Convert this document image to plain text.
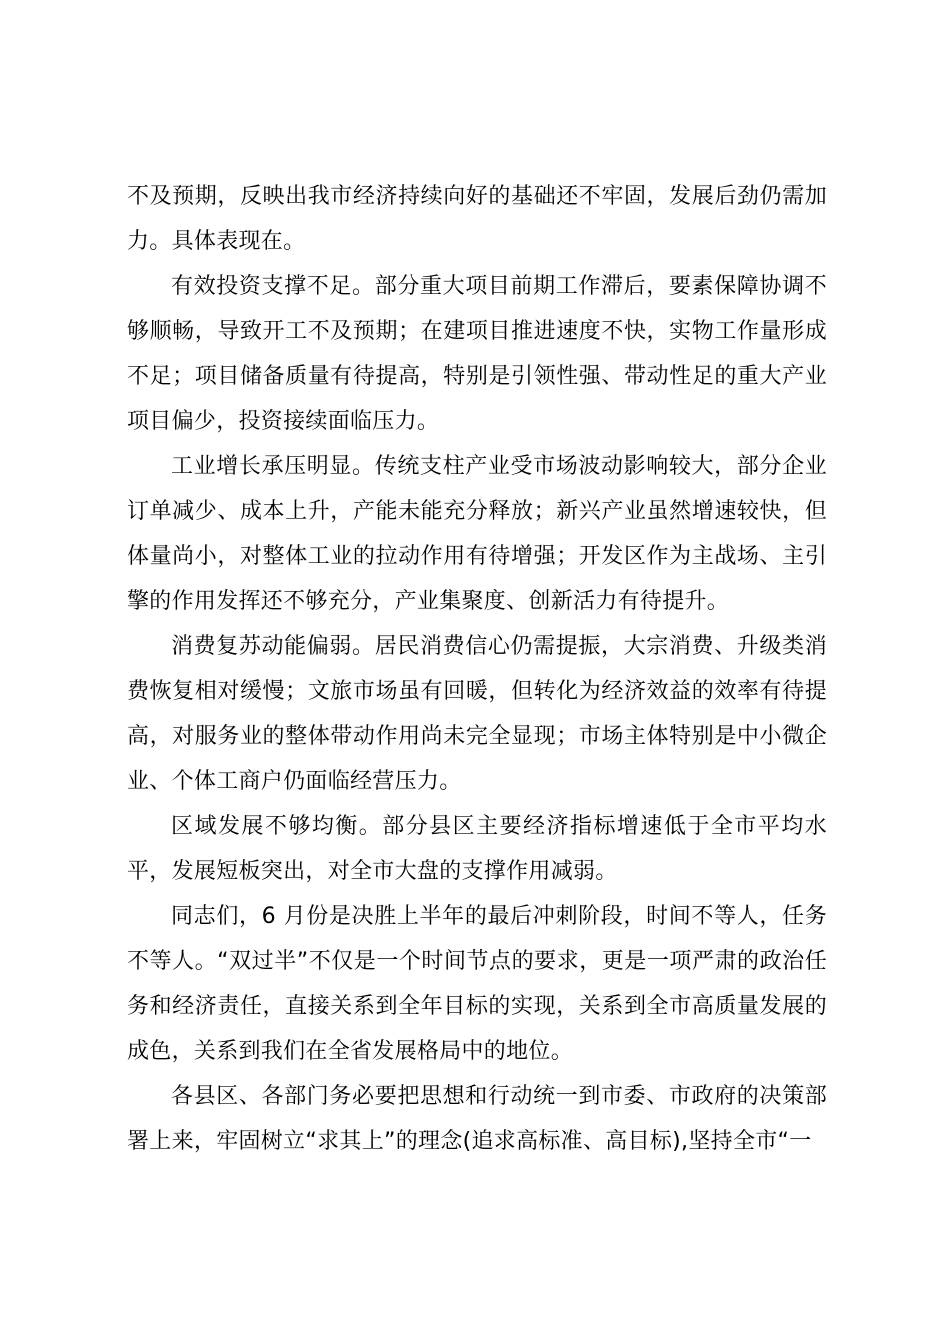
不及预期，反映出我市经济持续向好的基础还不牢固，发展后劲仍需加力。具体表现在。

有效投资支撑不足。部分重大项目前期工作滞后，要素保障协调不够顺畅，导致开工不及预期；在建项目推进速度不快，实物工作量形成不足；项目储备质量有待提高，特别是引领性强、带动性足的重大产业项目偏少，投资接续面临压力。

工业增长承压明显。传统支柱产业受市场波动影响较大，部分企业订单减少、成本上升，产能未能充分释放；新兴产业虽然增速较快，但体量尚小，对整体工业的拉动作用有待增强；开发区作为主战场、主引擎的作用发挥还不够充分，产业集聚度、创新活力有待提升。

消费复苏动能偏弱。居民消费信心仍需提振，大宗消费、升级类消费恢复相对缓慢；文旅市场虽有回暖，但转化为经济效益的效率有待提高，对服务业的整体带动作用尚未完全显现；市场主体特别是中小微企业、个体工商户仍面临经营压力。

区域发展不够均衡。部分县区主要经济指标增速低于全市平均水平，发展短板突出，对全市大盘的支撑作用减弱。

同志们，6 月份是决胜上半年的最后冲刺阶段，时间不等人，任务不等人。“双过半”不仅是一个时间节点的要求，更是一项严肃的政治任务和经济责任，直接关系到全年目标的实现，关系到全市高质量发展的成色，关系到我们在全省发展格局中的地位。

各县区、各部门务必要把思想和行动统一到市委、市政府的决策部署上来，牢固树立“求其上”的理念(追求高标准、高目标),坚持全市“一
